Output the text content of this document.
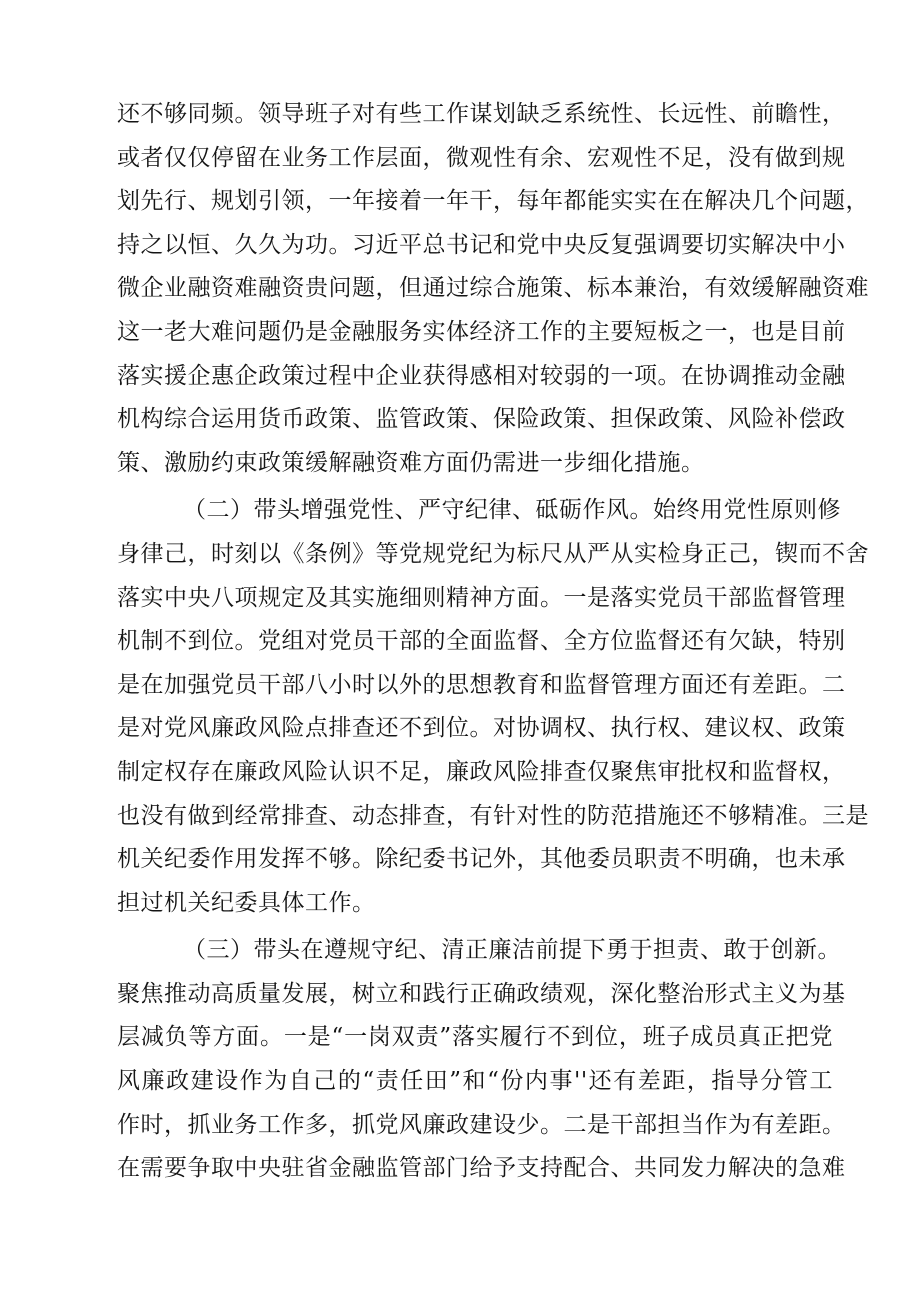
还不够同频。领导班子对有些工作谋划缺乏系统性、长远性、前瞻性，
或者仅仅停留在业务工作层面，微观性有余、宏观性不足，没有做到规
划先行、规划引领，一年接着一年干，每年都能实实在在解决几个问题，
持之以恒、久久为功。习近平总书记和党中央反复强调要切实解决中小
微企业融资难融资贵问题，但通过综合施策、标本兼治，有效缓解融资难
这一老大难问题仍是金融服务实体经济工作的主要短板之一，也是目前
落实援企惠企政策过程中企业获得感相对较弱的一项。在协调推动金融
机构综合运用货币政策、监管政策、保险政策、担保政策、风险补偿政
策、激励约束政策缓解融资难方面仍需进一步细化措施。
（二）带头增强党性、严守纪律、砥砺作风。始终用党性原则修
身律己，时刻以《条例》等党规党纪为标尺从严从实检身正己，锲而不舍
落实中央八项规定及其实施细则精神方面。一是落实党员干部监督管理
机制不到位。党组对党员干部的全面监督、全方位监督还有欠缺，特别
是在加强党员干部八小时以外的思想教育和监督管理方面还有差距。二
是对党风廉政风险点排查还不到位。对协调权、执行权、建议权、政策
制定权存在廉政风险认识不足，廉政风险排查仅聚焦审批权和监督权，
也没有做到经常排查、动态排查，有针对性的防范措施还不够精准。三是
机关纪委作用发挥不够。除纪委书记外，其他委员职责不明确，也未承
担过机关纪委具体工作。
（三）带头在遵规守纪、清正廉洁前提下勇于担责、敢于创新。
聚焦推动高质量发展，树立和践行正确政绩观，深化整治形式主义为基
层减负等方面。一是“一岗双责”落实履行不到位，班子成员真正把党
风廉政建设作为自己的“责任田”和“份内事''还有差距，指导分管工
作时，抓业务工作多，抓党风廉政建设少。二是干部担当作为有差距。
在需要争取中央驻省金融监管部门给予支持配合、共同发力解决的急难
